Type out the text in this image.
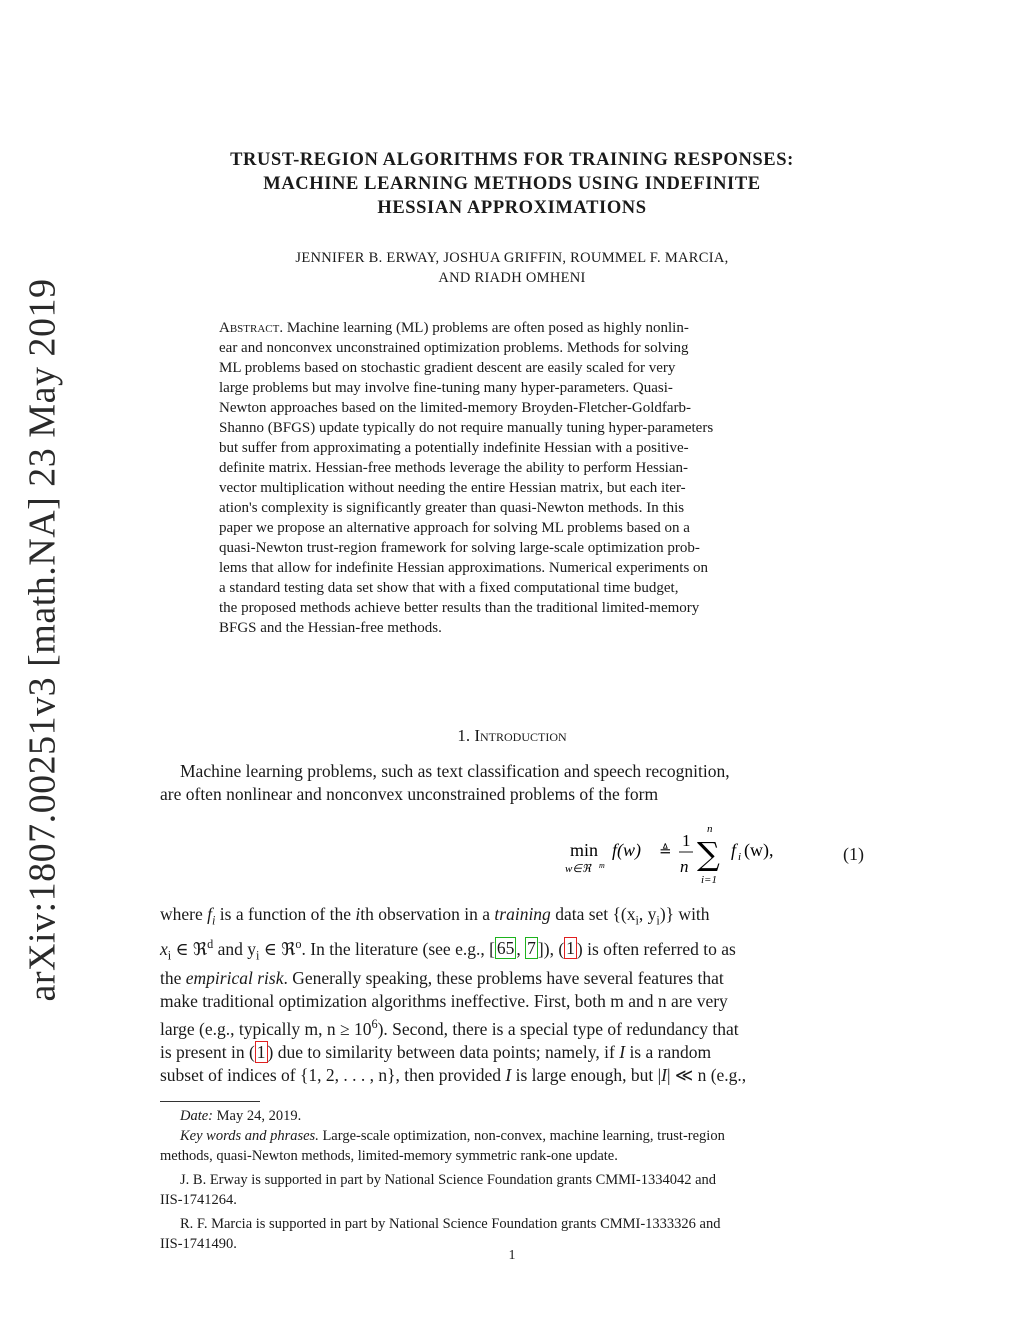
arXiv:1807.00251v3 [math.NA] 23 May 2019
TRUST-REGION ALGORITHMS FOR TRAINING RESPONSES:
MACHINE LEARNING METHODS USING INDEFINITE
HESSIAN APPROXIMATIONS
JENNIFER B. ERWAY, JOSHUA GRIFFIN, ROUMMEL F. MARCIA,
AND RIADH OMHENI
Abstract. Machine learning (ML) problems are often posed as highly nonlin-
ear and nonconvex unconstrained optimization problems. Methods for solving
ML problems based on stochastic gradient descent are easily scaled for very
large problems but may involve fine-tuning many hyper-parameters. Quasi-
Newton approaches based on the limited-memory Broyden-Fletcher-Goldfarb-
Shanno (BFGS) update typically do not require manually tuning hyper-parameters
but suffer from approximating a potentially indefinite Hessian with a positive-
definite matrix. Hessian-free methods leverage the ability to perform Hessian-
vector multiplication without needing the entire Hessian matrix, but each iter-
ation's complexity is significantly greater than quasi-Newton methods. In this
paper we propose an alternative approach for solving ML problems based on a
quasi-Newton trust-region framework for solving large-scale optimization prob-
lems that allow for indefinite Hessian approximations. Numerical experiments on
a standard testing data set show that with a fixed computational time budget,
the proposed methods achieve better results than the traditional limited-memory
BFGS and the Hessian-free methods.
1. Introduction
Machine learning problems, such as text classification and speech recognition,
are often nonlinear and nonconvex unconstrained problems of the form
min
w∈ℜ m
f(w) ≜
1
n
n
∑
i=1
f i (w),	(1)
where $f_i$ is a function of the ith observation in a training data set {($x_i$, $y_i$)} with
$x_i$ ∈ ℜ$^d$ and $y_i$ ∈ ℜ$^o$. In the literature (see e.g., [ 65 , 7 ]), ( 1 ) is often referred to as
the empirical risk. Generally speaking, these problems have several features that
make traditional optimization algorithms ineffective. First, both m and n are very
large (e.g., typically m, $n \ge 10^6$). Second, there is a special type of redundancy that
is present in ( 1 ) due to similarity between data points; namely, if I is a random
subset of indices of {1, 2, . . . , n}, then provided I is large enough, but |I| ≪ n (e.g.,
Date: May 24, 2019.
Key words and phrases. Large-scale optimization, non-convex, machine learning, trust-region
methods, quasi-Newton methods, limited-memory symmetric rank-one update.
J. B. Erway is supported in part by National Science Foundation grants CMMI-1334042 and
IIS-1741264.
R. F. Marcia is supported in part by National Science Foundation grants CMMI-1333326 and
IIS-1741490.
1
